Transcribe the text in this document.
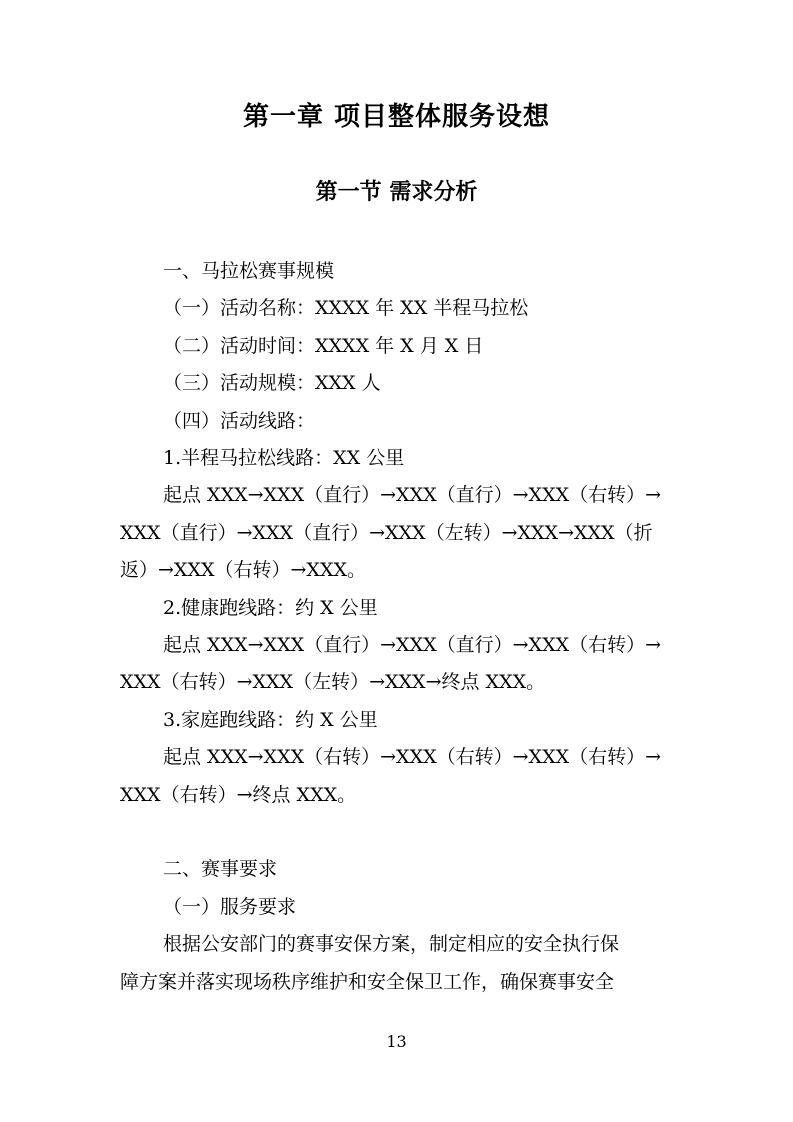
第一章 项目整体服务设想
第一节 需求分析

一、马拉松赛事规模

（一）活动名称：XXXX 年 XX 半程马拉松

（二）活动时间：XXXX 年 X 月 X 日

（三）活动规模：XXX 人

（四）活动线路：

1.半程马拉松线路：XX 公里

起点 XXX→XXX（直行）→XXX（直行）→XXX（右转）→

XXX（直行）→XXX（直行）→XXX（左转）→XXX→XXX（折

返）→XXX（右转）→XXX。

2.健康跑线路：约 X 公里

起点 XXX→XXX（直行）→XXX（直行）→XXX（右转）→

XXX（右转）→XXX（左转）→XXX→终点 XXX。

3.家庭跑线路：约 X 公里

起点 XXX→XXX（右转）→XXX（右转）→XXX（右转）→

XXX（右转）→终点 XXX。

二、赛事要求

（一）服务要求

根据公安部门的赛事安保方案，制定相应的安全执行保

障方案并落实现场秩序维护和安全保卫工作，确保赛事安全

13
